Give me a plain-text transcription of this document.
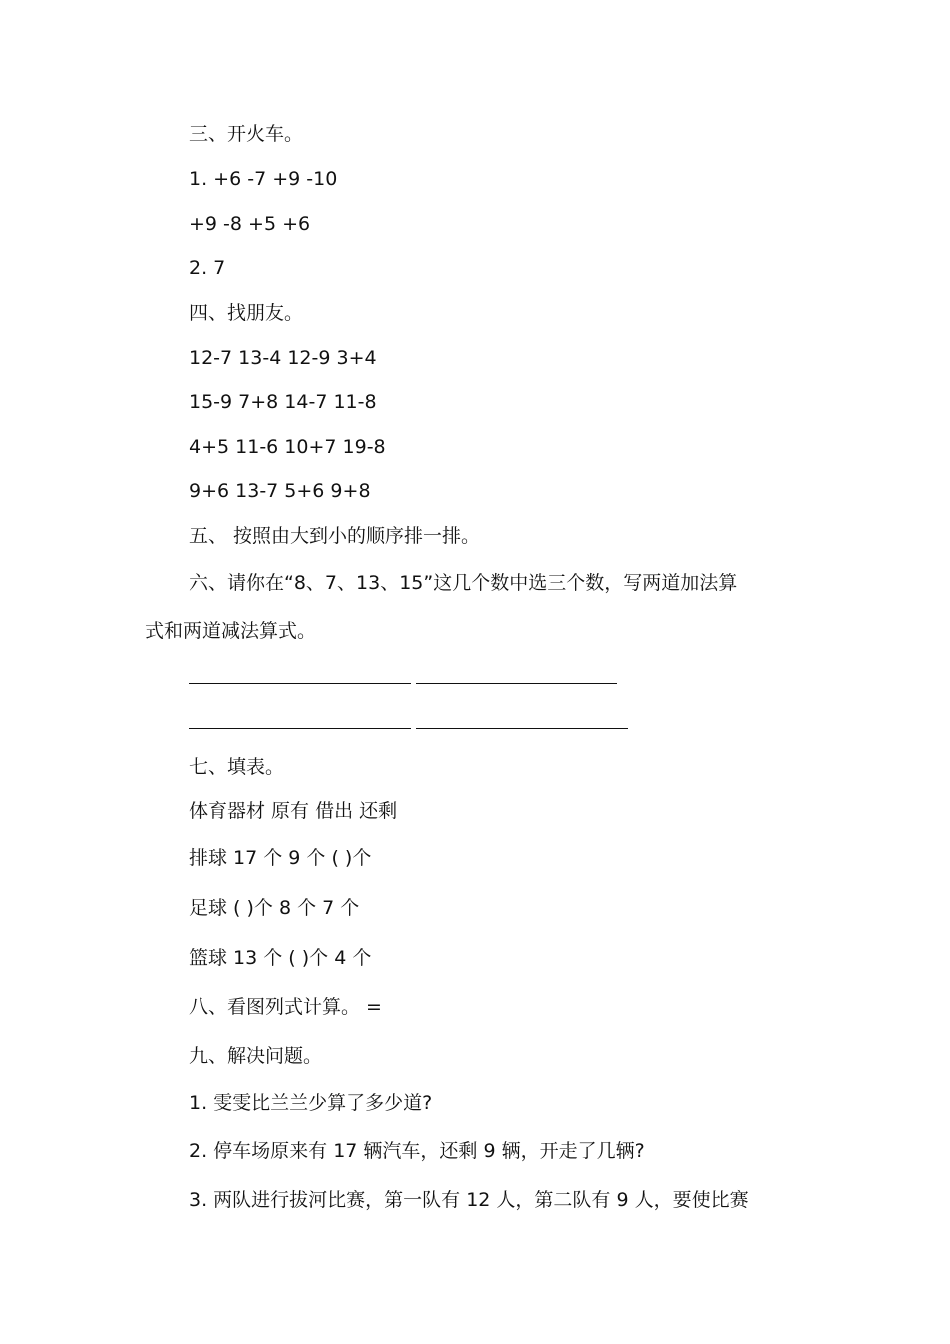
三、开火车。
1. +6 -7 +9 -10
+9 -8 +5 +6
2. 7
四、找朋友。
12-7 13-4 12-9 3+4
15-9 7+8 14-7 11-8
4+5 11-6 10+7 19-8
9+6 13-7 5+6 9+8
五、 按照由大到小的顺序排一排。
六、请你在“8、7、13、15”这几个数中选三个数，写两道加法算
式和两道减法算式。
七、填表。
体育器材 原有 借出 还剩
排球 17 个 9 个 ( )个
足球 ( )个 8 个 7 个
篮球 13 个 ( )个 4 个
八、看图列式计算。 =
九、解决问题。
1. 雯雯比兰兰少算了多少道?
2. 停车场原来有 17 辆汽车，还剩 9 辆，开走了几辆?
3. 两队进行拔河比赛，第一队有 12 人，第二队有 9 人，要使比赛
